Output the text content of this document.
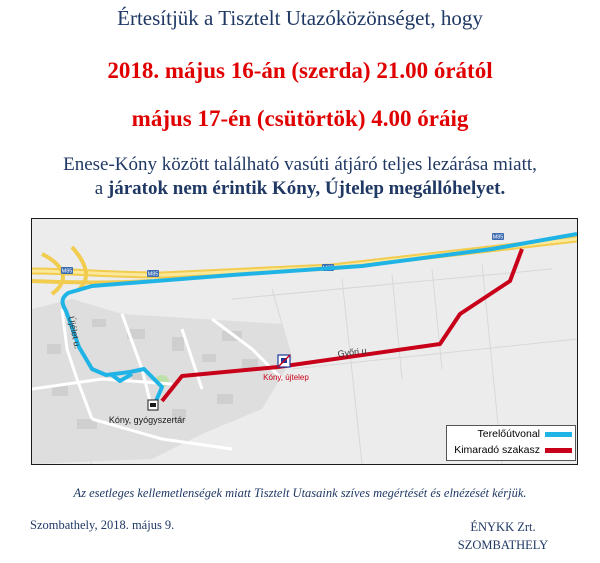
Értesítjük a Tisztelt Utazóközönséget, hogy
2018. május 16-án (szerda) 21.00 órától
május 17-én (csütörtök) 4.00 óráig
Enese-Kóny között található vasúti átjáró teljes lezárása miatt,
a járatok nem érintik Kóny, Újtelep megállóhelyet.
M85	M85
M85
M85
Újélet u.
Győri u.
Kóny, gyógyszertár
Kóny, újtelep
Terelőútvonal
Kimaradó szakasz
Az esetleges kellemetlenségek miatt Tisztelt Utasaink szíves megértését és elnézését kérjük.
Szombathely, 2018. május 9.	ÉNYKK Zrt.
SZOMBATHELY
